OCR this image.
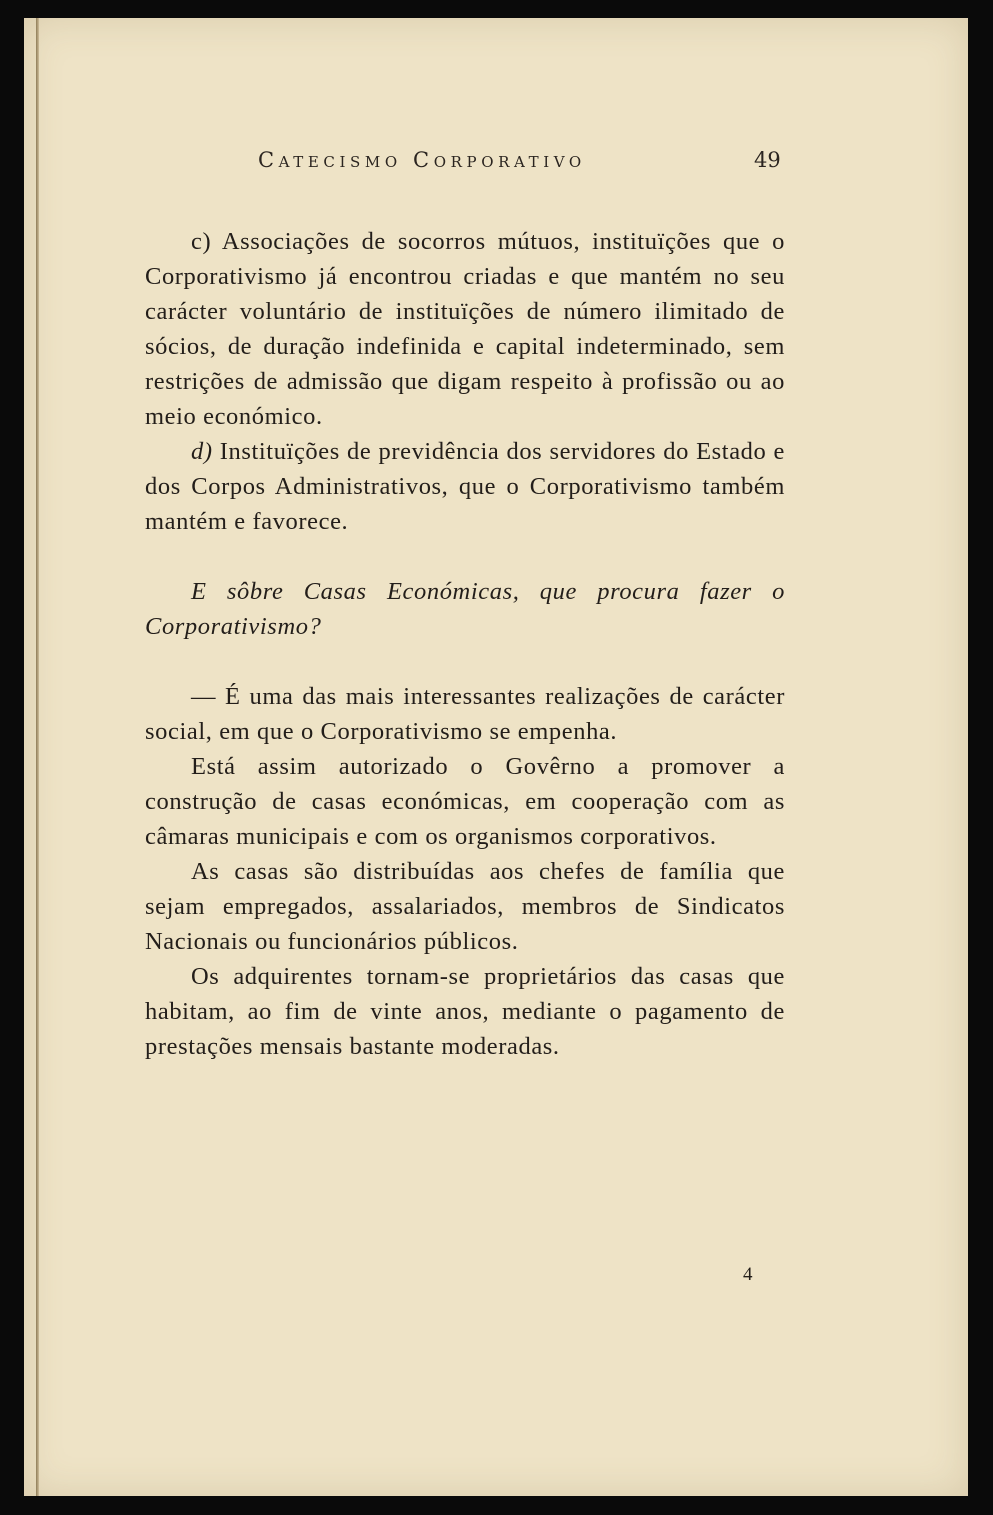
Catecismo Corporativo	49

c) Associações de socorros mútuos, instituïções que o Corporativismo já encontrou criadas e que mantém no seu carácter voluntário de instituïções de número ilimitado de sócios, de duração indefinida e capital indeterminado, sem restrições de admissão que digam respeito à profissão ou ao meio económico.

d) Instituïções de previdência dos servidores do Estado e dos Corpos Administrativos, que o Corporativismo também mantém e favorece.

E sôbre Casas Económicas, que procura fazer o Corporativismo?

— É uma das mais interessantes realizações de carácter social, em que o Corporativismo se empenha.

Está assim autorizado o Govêrno a promover a construção de casas económicas, em cooperação com as câmaras municipais e com os organismos corporativos.

As casas são distribuídas aos chefes de família que sejam empregados, assalariados, membros de Sindicatos Nacionais ou funcionários públicos.

Os adquirentes tornam-se proprietários das casas que habitam, ao fim de vinte anos, mediante o pagamento de prestações mensais bastante moderadas.

4
